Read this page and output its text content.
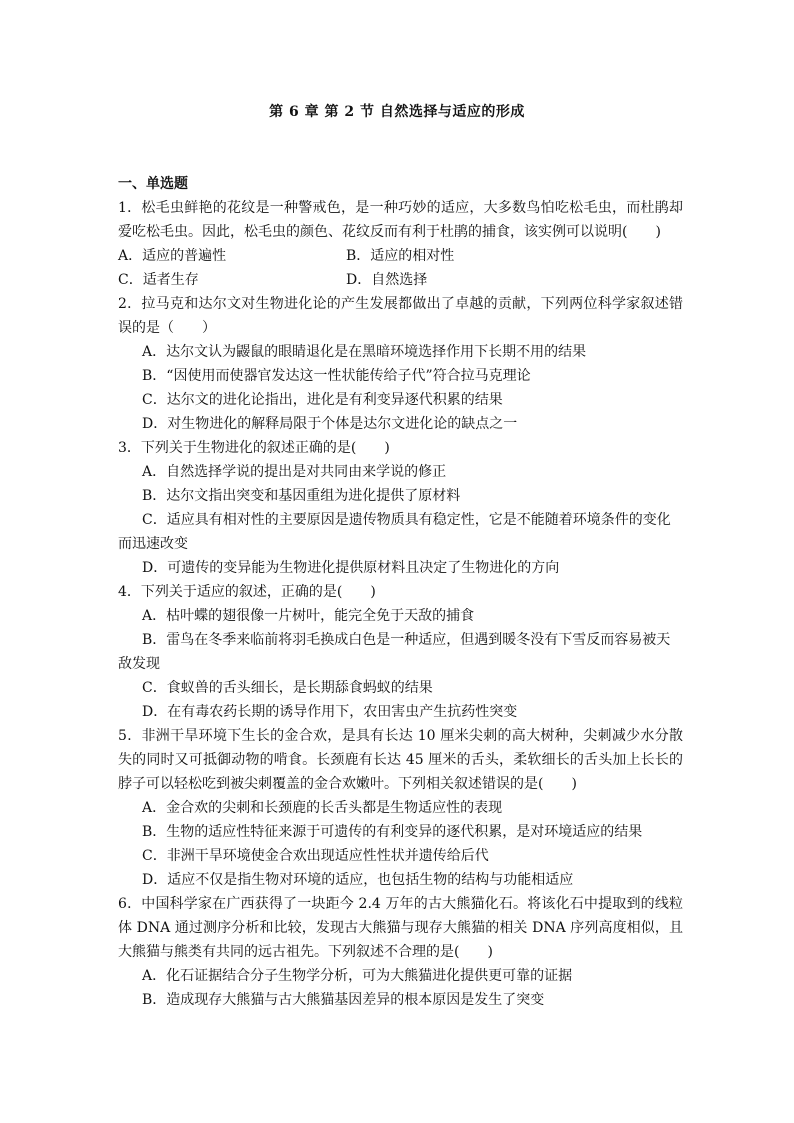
第 6 章 第 2 节 自然选择与适应的形成

一、单选题

1．松毛虫鲜艳的花纹是一种警戒色，是一种巧妙的适应，大多数鸟怕吃松毛虫，而杜鹃却爱吃松毛虫。因此，松毛虫的颜色、花纹反而有利于杜鹃的捕食，该实例可以说明(　　)

A．适应的普遍性	B．适应的相对性
C．适者生存	D．自然选择

2．拉马克和达尔文对生物进化论的产生发展都做出了卓越的贡献，下列两位科学家叙述错误的是（　　）

A．达尔文认为鼹鼠的眼睛退化是在黑暗环境选择作用下长期不用的结果

B．“因使用而使器官发达这一性状能传给子代”符合拉马克理论

C．达尔文的进化论指出，进化是有利变异逐代积累的结果

D．对生物进化的解释局限于个体是达尔文进化论的缺点之一

3．下列关于生物进化的叙述正确的是(　　)

A．自然选择学说的提出是对共同由来学说的修正

B．达尔文指出突变和基因重组为进化提供了原材料

C．适应具有相对性的主要原因是遗传物质具有稳定性，它是不能随着环境条件的变化而迅速改变

D．可遗传的变异能为生物进化提供原材料且决定了生物进化的方向

4．下列关于适应的叙述，正确的是(　　)

A．枯叶蝶的翅很像一片树叶，能完全免于天敌的捕食

B．雷鸟在冬季来临前将羽毛换成白色是一种适应，但遇到暖冬没有下雪反而容易被天敌发现

C．食蚁兽的舌头细长，是长期舔食蚂蚁的结果

D．在有毒农药长期的诱导作用下，农田害虫产生抗药性突变

5．非洲干旱环境下生长的金合欢，是具有长达 10 厘米尖刺的高大树种，尖刺减少水分散失的同时又可抵御动物的啃食。长颈鹿有长达 45 厘米的舌头，柔软细长的舌头加上长长的脖子可以轻松吃到被尖刺覆盖的金合欢嫩叶。下列相关叙述错误的是(　　)

A．金合欢的尖刺和长颈鹿的长舌头都是生物适应性的表现

B．生物的适应性特征来源于可遗传的有利变异的逐代积累，是对环境适应的结果

C．非洲干旱环境使金合欢出现适应性性状并遗传给后代

D．适应不仅是指生物对环境的适应，也包括生物的结构与功能相适应

6．中国科学家在广西获得了一块距今 2.4 万年的古大熊猫化石。将该化石中提取到的线粒体 DNA 通过测序分析和比较，发现古大熊猫与现存大熊猫的相关 DNA 序列高度相似，且大熊猫与熊类有共同的远古祖先。下列叙述不合理的是(　　)

A．化石证据结合分子生物学分析，可为大熊猫进化提供更可靠的证据

B．造成现存大熊猫与古大熊猫基因差异的根本原因是发生了突变
